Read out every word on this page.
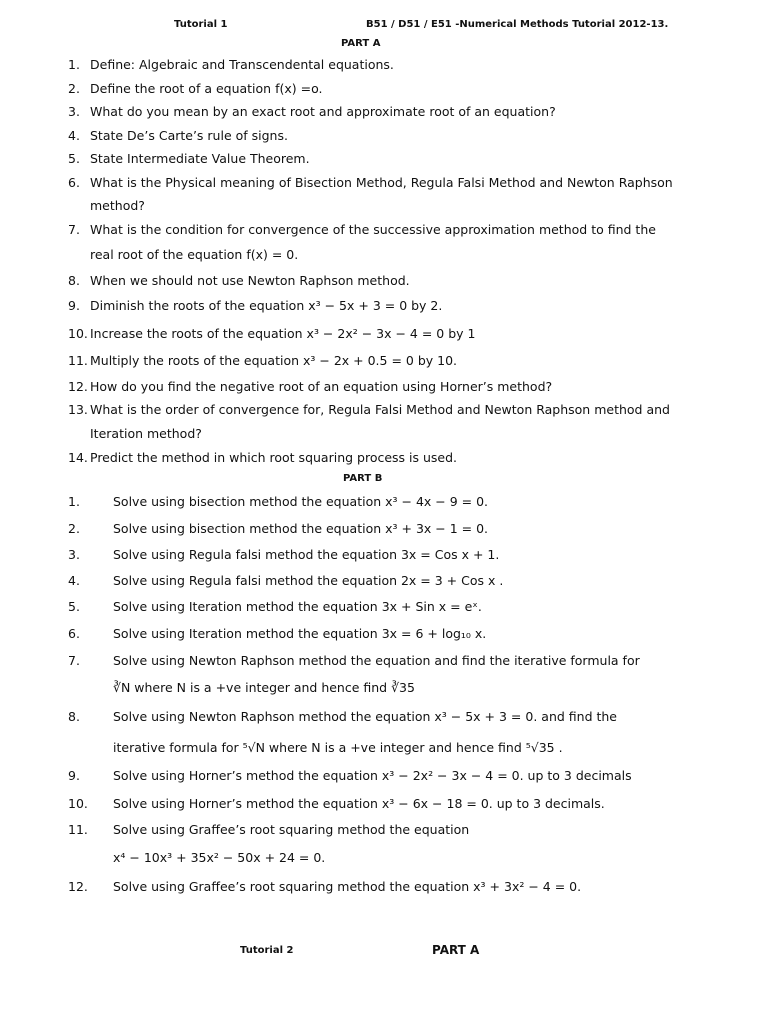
Tutorial 1	B51 / D51 / E51 -Numerical Methods Tutorial 2012-13.
PART A
1. Define: Algebraic and Transcendental equations.
2. Define the root of a equation f(x) =o.
3. What do you mean by an exact root and approximate root of an equation?
4. State De’s Carte’s rule of signs.
5. State Intermediate Value Theorem.
6. What is the Physical meaning of Bisection Method, Regula Falsi Method and Newton Raphson
method?
7. What is the condition for convergence of the successive approximation method to find the
real root of the equation f(x) = 0.
8. When we should not use Newton Raphson method.
9. Diminish the roots of the equation x³ − 5x + 3 = 0 by 2.
10. Increase the roots of the equation x³ − 2x² − 3x − 4 = 0 by 1
11. Multiply the roots of the equation x³ − 2x + 0.5 = 0 by 10.
12. How do you find the negative root of an equation using Horner’s method?
13. What is the order of convergence for, Regula Falsi Method and Newton Raphson method and
Iteration method?
14. Predict the method in which root squaring process is used.
PART B
1.	Solve using bisection method the equation x³ − 4x − 9 = 0.
2.	Solve using bisection method the equation x³ + 3x − 1 = 0.
3.	Solve using Regula falsi method the equation 3x = Cos x + 1.
4.	Solve using Regula falsi method the equation 2x = 3 + Cos x .
5.	Solve using Iteration method the equation 3x + Sin x = eˣ.
6.	Solve using Iteration method the equation 3x = 6 + log₁₀ x.
7.	Solve using Newton Raphson method the equation and find the iterative formula for
∛N where N is a +ve integer and hence find ∛35
8.	Solve using Newton Raphson method the equation x³ − 5x + 3 = 0. and find the
iterative formula for ⁵√N where N is a +ve integer and hence find ⁵√35 .
9.	Solve using Horner’s method the equation x³ − 2x² − 3x − 4 = 0. up to 3 decimals
10. Solve using Horner’s method the equation x³ − 6x − 18 = 0. up to 3 decimals.
11. Solve using Graffee’s root squaring method the equation
x⁴ − 10x³ + 35x² − 50x + 24 = 0.
12. Solve using Graffee’s root squaring method the equation x³ + 3x² − 4 = 0.
Tutorial 2	PART A
